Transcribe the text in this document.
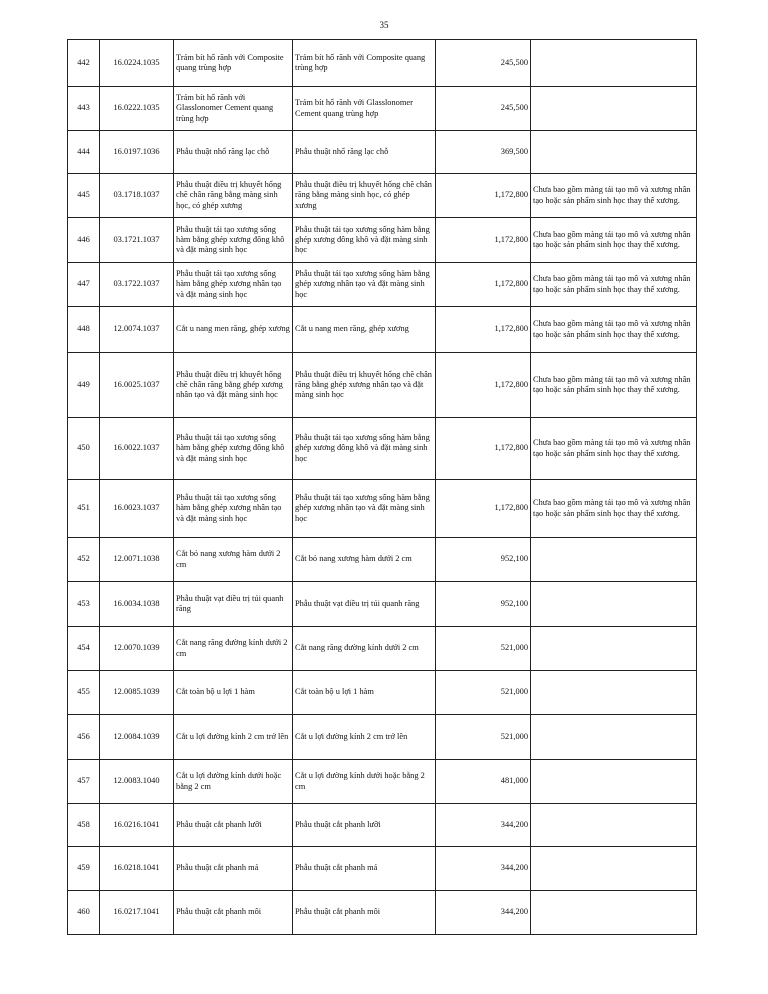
35
442	16.0224.1035	Trám bít hố rãnh với Composite quang trùng hợp	Trám bít hố rãnh với Composite quang trùng hợp	245,500	
443	16.0222.1035	Trám bít hố rãnh với Glasslonomer Cement quang trùng hợp	Trám bít hố rãnh với Glasslonomer Cement quang trùng hợp	245,500	
444	16.0197.1036	Phẫu thuật nhổ răng lạc chỗ	Phẫu thuật nhổ răng lạc chỗ	369,500	
445	03.1718.1037	Phẫu thuật điều trị khuyết hổng chẽ chân răng bằng màng sinh học, có ghép xương	Phẫu thuật điều trị khuyết hổng chẽ chân răng bằng màng sinh học, có ghép xương	1,172,800	Chưa bao gồm màng tái tạo mô và xương nhân tạo hoặc sản phẩm sinh học thay thế xương.
446	03.1721.1037	Phẫu thuật tái tạo xương sống hàm bằng ghép xương đông khô và đặt màng sinh học	Phẫu thuật tái tạo xương sống hàm bằng ghép xương đông khô và đặt màng sinh học	1,172,800	Chưa bao gồm màng tái tạo mô và xương nhân tạo hoặc sản phẩm sinh học thay thế xương.
447	03.1722.1037	Phẫu thuật tái tạo xương sống hàm bằng ghép xương nhân tạo và đặt màng sinh học	Phẫu thuật tái tạo xương sống hàm bằng ghép xương nhân tạo và đặt màng sinh học	1,172,800	Chưa bao gồm màng tái tạo mô và xương nhân tạo hoặc sản phẩm sinh học thay thế xương.
448	12.0074.1037	Cắt u nang men răng, ghép xương	Cắt u nang men răng, ghép xương	1,172,800	Chưa bao gồm màng tái tạo mô và xương nhân tạo hoặc sản phẩm sinh học thay thế xương.
449	16.0025.1037	Phẫu thuật điều trị khuyết hổng chẽ chân răng bằng ghép xương nhân tạo và đặt màng sinh học	Phẫu thuật điều trị khuyết hổng chẽ chân răng bằng ghép xương nhân tạo và đặt màng sinh học	1,172,800	Chưa bao gồm màng tái tạo mô và xương nhân tạo hoặc sản phẩm sinh học thay thế xương.
450	16.0022.1037	Phẫu thuật tái tạo xương sống hàm bằng ghép xương đông khô và đặt màng sinh học	Phẫu thuật tái tạo xương sống hàm bằng ghép xương đông khô và đặt màng sinh học	1,172,800	Chưa bao gồm màng tái tạo mô và xương nhân tạo hoặc sản phẩm sinh học thay thế xương.
451	16.0023.1037	Phẫu thuật tái tạo xương sống hàm bằng ghép xương nhân tạo và đặt màng sinh học	Phẫu thuật tái tạo xương sống hàm bằng ghép xương nhân tạo và đặt màng sinh học	1,172,800	Chưa bao gồm màng tái tạo mô và xương nhân tạo hoặc sản phẩm sinh học thay thế xương.
452	12.0071.1038	Cắt bỏ nang xương hàm dưới 2 cm	Cắt bỏ nang xương hàm dưới 2 cm	952,100	
453	16.0034.1038	Phẫu thuật vạt điều trị túi quanh răng	Phẫu thuật vạt điều trị túi quanh răng	952,100	
454	12.0070.1039	Cắt nang răng đường kính dưới 2 cm	Cắt nang răng đường kính dưới 2 cm	521,000	
455	12.0085.1039	Cắt toàn bộ u lợi 1 hàm	Cắt toàn bộ u lợi 1 hàm	521,000	
456	12.0084.1039	Cắt u lợi đường kính 2 cm trở lên	Cắt u lợi đường kính 2 cm trở lên	521,000	
457	12.0083.1040	Cắt u lợi đường kính dưới hoặc bằng 2 cm	Cắt u lợi đường kính dưới hoặc bằng 2 cm	481,000	
458	16.0216.1041	Phẫu thuật cắt phanh lưỡi	Phẫu thuật cắt phanh lưỡi	344,200	
459	16.0218.1041	Phẫu thuật cắt phanh má	Phẫu thuật cắt phanh má	344,200	
460	16.0217.1041	Phẫu thuật cắt phanh môi	Phẫu thuật cắt phanh môi	344,200	
